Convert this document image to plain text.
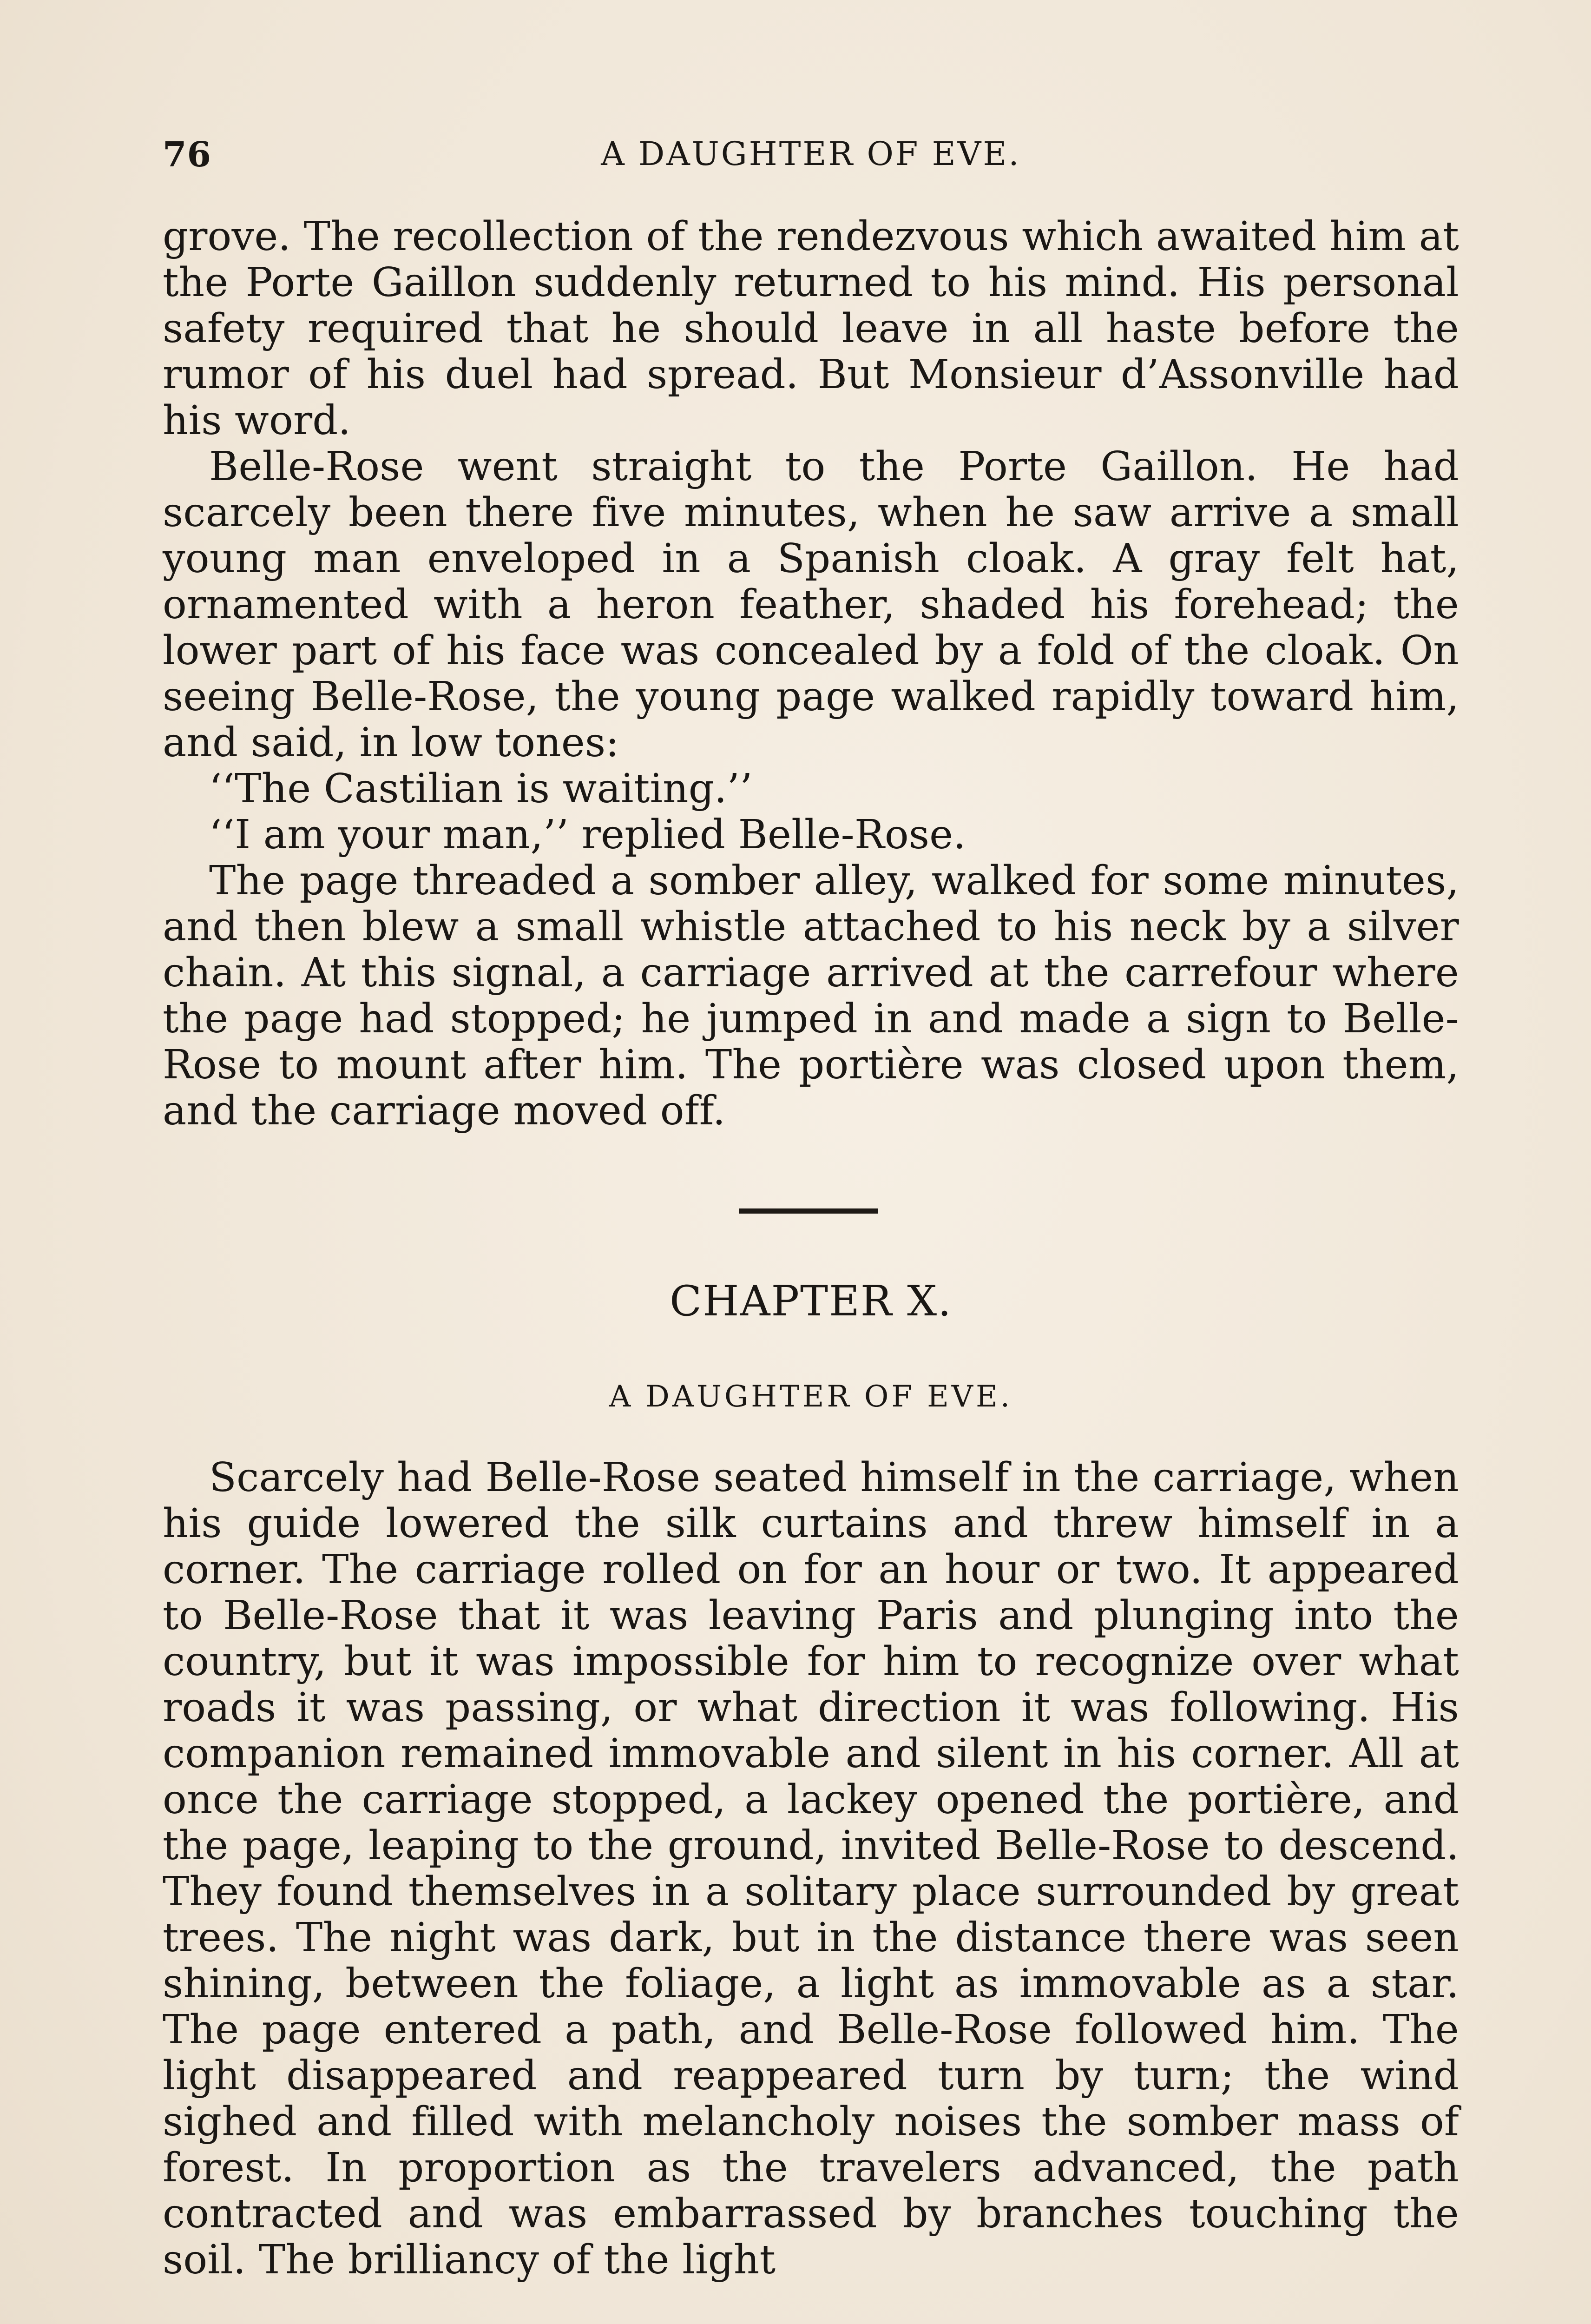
76	A DAUGHTER OF EVE.

grove. The recollection of the rendezvous which awaited him at the Porte Gaillon suddenly returned to his mind. His personal safety required that he should leave in all haste before the rumor of his duel had spread. But Monsieur d’Assonville had his word.

Belle-Rose went straight to the Porte Gaillon. He had scarcely been there five minutes, when he saw arrive a small young man enveloped in a Spanish cloak. A gray felt hat, ornamented with a heron feather, shaded his forehead; the lower part of his face was concealed by a fold of the cloak. On seeing Belle-Rose, the young page walked rapidly toward him, and said, in low tones:

‘‘The Castilian is waiting.’’

‘‘I am your man,’’ replied Belle-Rose.

The page threaded a somber alley, walked for some minutes, and then blew a small whistle attached to his neck by a silver chain. At this signal, a carriage arrived at the carrefour where the page had stopped; he jumped in and made a sign to Belle-Rose to mount after him. The portière was closed upon them, and the carriage moved off.

CHAPTER X.
A DAUGHTER OF EVE.

Scarcely had Belle-Rose seated himself in the carriage, when his guide lowered the silk curtains and threw himself in a corner. The carriage rolled on for an hour or two. It appeared to Belle-Rose that it was leaving Paris and plunging into the country, but it was impossible for him to recognize over what roads it was passing, or what direction it was following. His companion remained immovable and silent in his corner. All at once the carriage stopped, a lackey opened the portière, and the page, leaping to the ground, invited Belle-Rose to descend. They found themselves in a solitary place surrounded by great trees. The night was dark, but in the distance there was seen shining, between the foliage, a light as immovable as a star. The page entered a path, and Belle-Rose followed him. The light disappeared and reappeared turn by turn; the wind sighed and filled with melancholy noises the somber mass of forest. In proportion as the travelers advanced, the path contracted and was embarrassed by branches touching the soil. The brilliancy of the light
